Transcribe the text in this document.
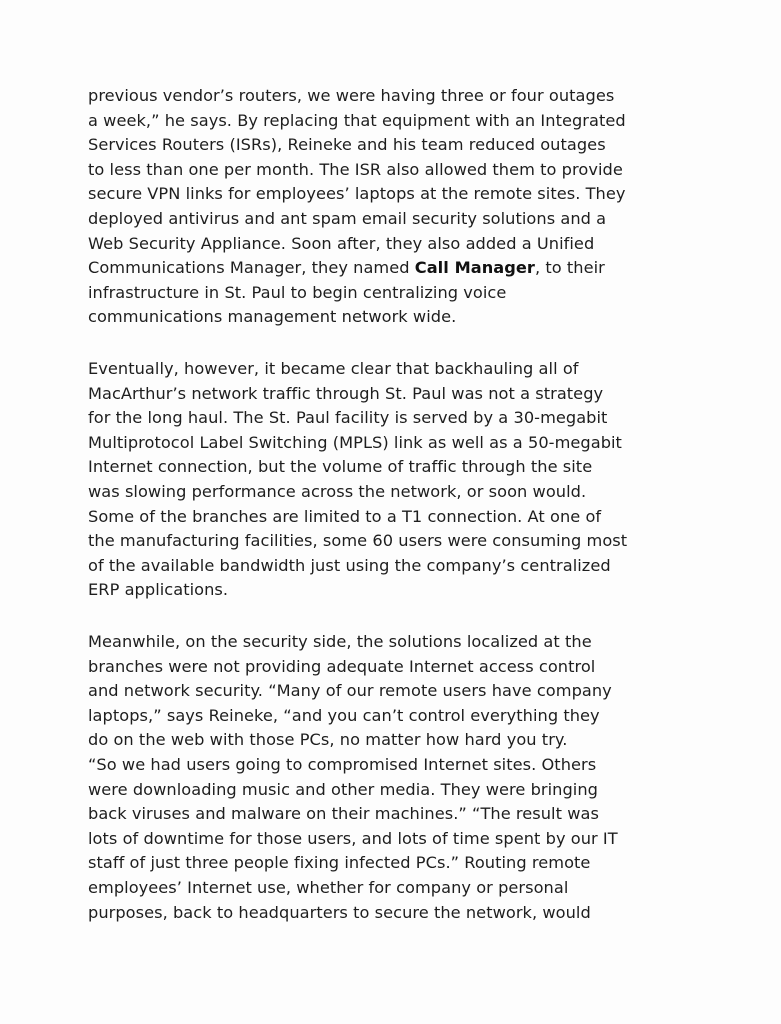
previous vendor’s routers, we were having three or four outages
a week,” he says. By replacing that equipment with an Integrated
Services Routers (ISRs), Reineke and his team reduced outages
to less than one per month. The ISR also allowed them to provide
secure VPN links for employees’ laptops at the remote sites. They
deployed antivirus and ant spam email security solutions and a
Web Security Appliance. Soon after, they also added a Unified
Communications Manager, they named Call Manager, to their
infrastructure in St. Paul to begin centralizing voice
communications management network wide.
Eventually, however, it became clear that backhauling all of
MacArthur’s network traffic through St. Paul was not a strategy
for the long haul. The St. Paul facility is served by a 30-megabit
Multiprotocol Label Switching (MPLS) link as well as a 50-megabit
Internet connection, but the volume of traffic through the site
was slowing performance across the network, or soon would.
Some of the branches are limited to a T1 connection. At one of
the manufacturing facilities, some 60 users were consuming most
of the available bandwidth just using the company’s centralized
ERP applications.
Meanwhile, on the security side, the solutions localized at the
branches were not providing adequate Internet access control
and network security. “Many of our remote users have company
laptops,” says Reineke, “and you can’t control everything they
do on the web with those PCs, no matter how hard you try.
“So we had users going to compromised Internet sites. Others
were downloading music and other media. They were bringing
back viruses and malware on their machines.” “The result was
lots of downtime for those users, and lots of time spent by our IT
staff of just three people fixing infected PCs.” Routing remote
employees’ Internet use, whether for company or personal
purposes, back to headquarters to secure the network, would
